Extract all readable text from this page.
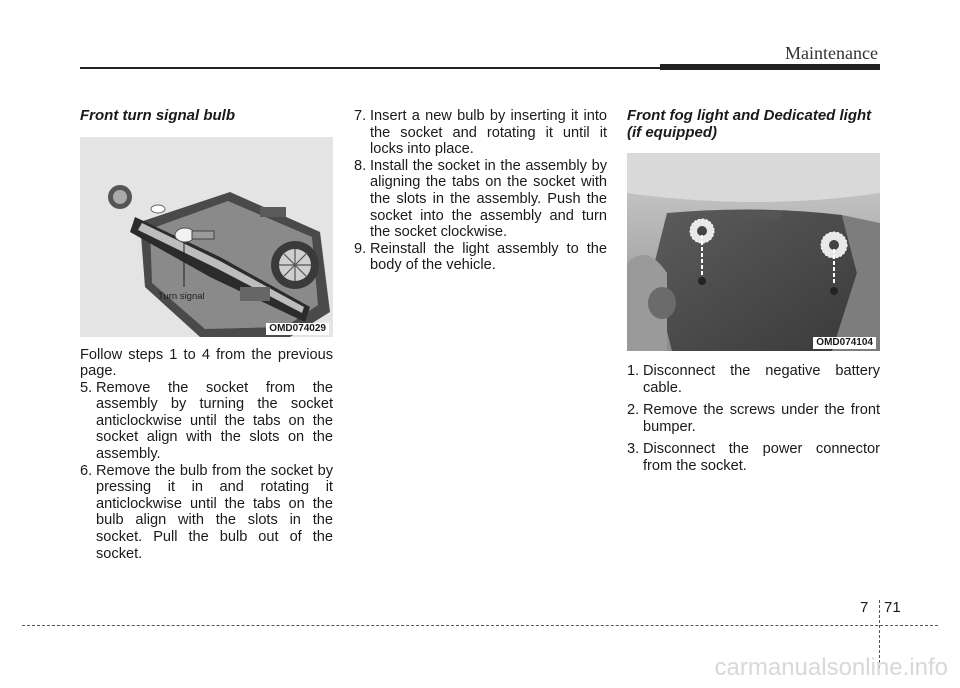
Maintenance
Front turn signal bulb
Turn signal
OMD074029

Follow steps 1 to 4 from the previous page.

5. Remove the socket from the assembly by turning the socket anticlockwise until the tabs on the socket align with the slots on the assembly.
6. Remove the bulb from the socket by pressing it in and rotating it anticlockwise until the tabs on the bulb align with the slots in the socket. Pull the bulb out of the socket.
7. Insert a new bulb by inserting it into the socket and rotating it until it locks into place.
8. Install the socket in the assembly by aligning the tabs on the socket with the slots in the assembly. Push the socket into the assembly and turn the socket clockwise.
9. Reinstall the light assembly to the body of the vehicle.
Front fog light and Dedicated light (if equipped)
OMD074104
1. Disconnect the negative battery cable.
2. Remove the screws under the front bumper.
3. Disconnect the power connector from the socket.
7 71
carmanualsonline.info
